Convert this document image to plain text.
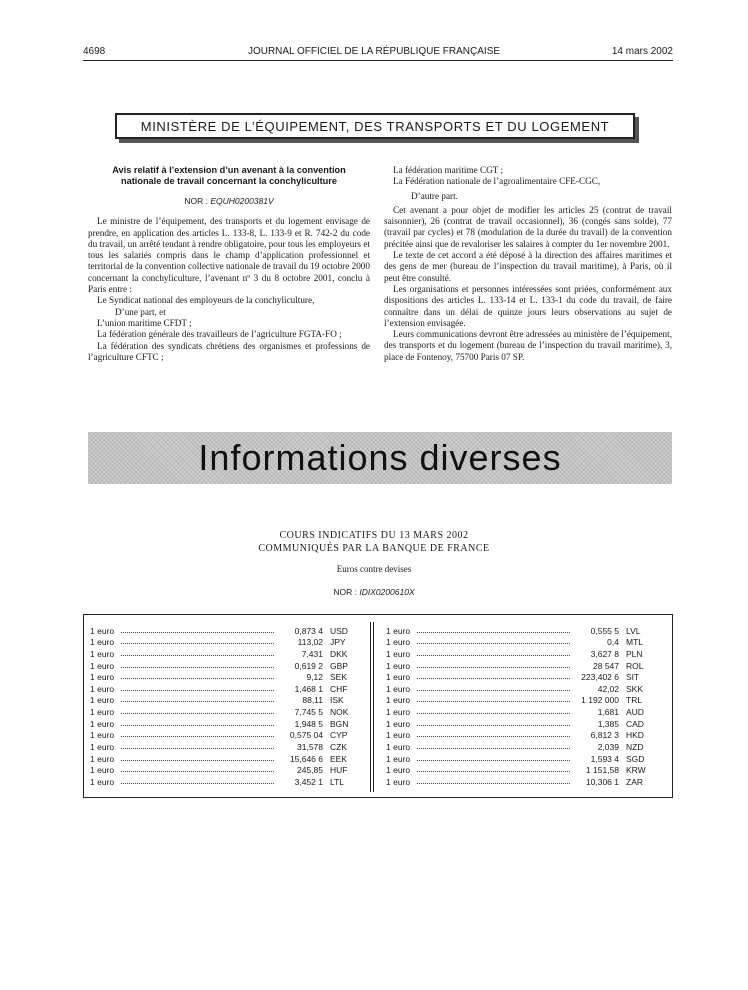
4698	JOURNAL OFFICIEL DE LA RÉPUBLIQUE FRANÇAISE	14 mars 2002
MINISTÈRE DE L’ÉQUIPEMENT, DES TRANSPORTS ET DU LOGEMENT
Avis relatif à l’extension d’un avenant à la convention nationale de travail concernant la conchyliculture
NOR : EQUH0200381V

Le ministre de l’équipement, des transports et du logement envisage de prendre, en application des articles L. 133-8, L. 133-9 et R. 742-2 du code du travail, un arrêté tendant à rendre obligatoire, pour tous les employeurs et tous les salariés compris dans le champ d’application professionnel et territorial de la convention collective nationale de travail du 19 octobre 2000 concernant la conchyliculture, l’avenant nº 3 du 8 octobre 2001, conclu à Paris entre :

Le Syndicat national des employeurs de la conchyliculture,

D’une part, et

L’union maritime CFDT ;

La fédération générale des travailleurs de l’agriculture FGTA-FO ;

La fédération des syndicats chrétiens des organismes et professions de l’agriculture CFTC ;

La fédération maritime CGT ;

La Fédération nationale de l’agroalimentaire CFE-CGC,

D’autre part.

Cet avenant a pour objet de modifier les articles 25 (contrat de travail saisonnier), 26 (contrat de travail occasionnel), 36 (congés sans solde), 77 (travail par cycles) et 78 (modulation de la durée du travail) de la convention précitée ainsi que de revaloriser les salaires à compter du 1er novembre 2001.

Le texte de cet accord a été déposé à la direction des affaires maritimes et des gens de mer (bureau de l’inspection du travail maritime), à Paris, où il peut être consulté.

Les organisations et personnes intéressées sont priées, conformément aux dispositions des articles L. 133-14 et L. 133-1 du code du travail, de faire connaître dans un délai de quinze jours leurs observations au sujet de l’extension envisagée.

Leurs communications devront être adressées au ministère de l’équipement, des transports et du logement (bureau de l’inspection du travail maritime), 3, place de Fontenoy, 75700 Paris 07 SP.

Informations diverses
COURS INDICATIFS DU 13 MARS 2002
COMMUNIQUÉS PAR LA BANQUE DE FRANCE
Euros contre devises
NOR : IDIX0200610X
1 euro	0,873 4 USD
1 euro	113,02 JPY
1 euro	7,431 DKK
1 euro	0,619 2 GBP
1 euro	9,12 SEK
1 euro	1,468 1 CHF
1 euro	88,11 ISK
1 euro	7,745 5 NOK
1 euro	1,948 5 BGN
1 euro	0,575 04 CYP
1 euro	31,578 CZK
1 euro	15,646 6 EEK
1 euro	245,85 HUF
1 euro	3,452 1 LTL
1 euro	0,555 5 LVL
1 euro	0,4 MTL
1 euro	3,627 8 PLN
1 euro	28 547 ROL
1 euro	223,402 6 SIT
1 euro	42,02 SKK
1 euro	1 192 000 TRL
1 euro	1,681 AUD
1 euro	1,385 CAD
1 euro	6,812 3 HKD
1 euro	2,039 NZD
1 euro	1,593 4 SGD
1 euro	1 151,58 KRW
1 euro	10,306 1 ZAR
